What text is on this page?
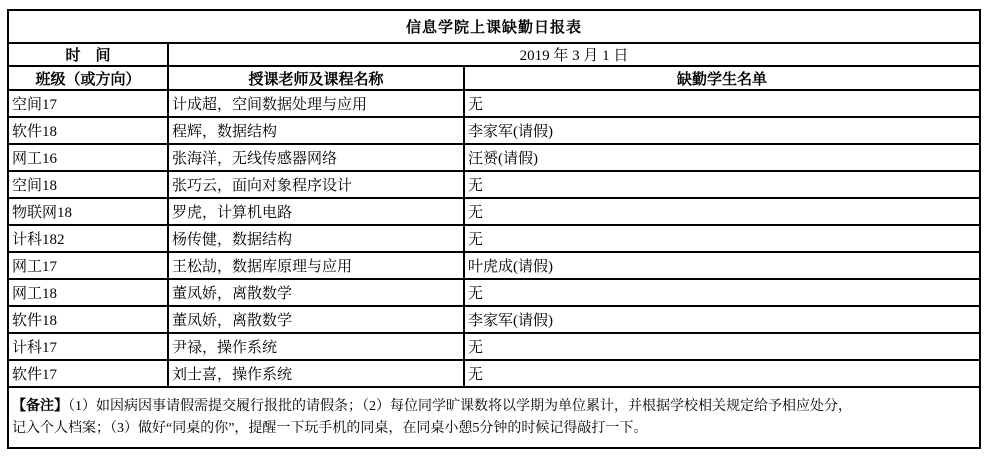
信息学院上课缺勤日报表		
时　间	2019 年 3 月 1 日	
班级（或方向）	授课老师及课程名称	缺勤学生名单
空间17	计成超，空间数据处理与应用	无
软件18	程辉，数据结构	李家军(请假)
网工16	张海洋，无线传感器网络	汪赟(请假)
空间18	张巧云，面向对象程序设计	无
物联网18	罗虎，计算机电路	无
计科182	杨传健，数据结构	无
网工17	王松劼，数据库原理与应用	叶虎成(请假)
网工18	董凤娇，离散数学	无
软件18	董凤娇，离散数学	李家军(请假)
计科17	尹禄，操作系统	无
软件17	刘士喜，操作系统	无

【备注】（1）如因病因事请假需提交履行报批的请假条；（2）每位同学旷课数将以学期为单位累计，并根据学校相关规定给予相应处分，
记入个人档案；（3）做好“同桌的你”，提醒一下玩手机的同桌，在同桌小憩5分钟的时候记得敲打一下。		
